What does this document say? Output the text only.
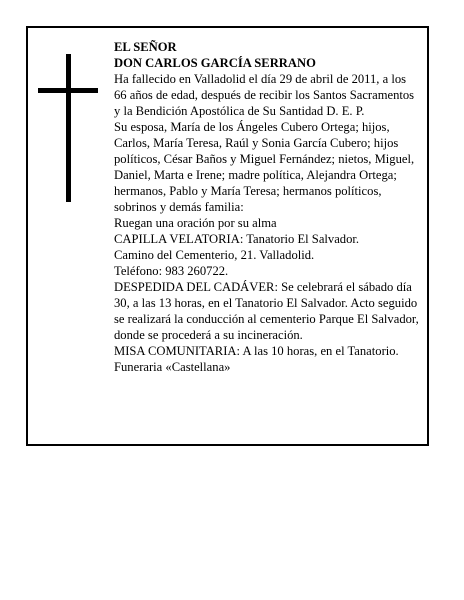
EL SEÑOR

DON CARLOS GARCÍA SERRANO

Ha fallecido en Valladolid el día 29 de abril de 2011, a los 66 años de edad, después de recibir los Santos Sacramentos y la Bendición Apostólica de Su Santidad D. E. P.

Su esposa, María de los Ángeles Cubero Ortega; hijos, Carlos, María Teresa, Raúl y Sonia García Cubero; hijos políticos, César Baños y Miguel Fernández; nietos, Miguel, Daniel, Marta e Irene; madre política, Alejandra Ortega; hermanos, Pablo y María Teresa; hermanos políticos, sobrinos y demás familia:

Ruegan una oración por su alma

CAPILLA VELATORIA: Tanatorio El Salvador.

Camino del Cementerio, 21. Valladolid.

Teléfono: 983 260722.

DESPEDIDA DEL CADÁVER: Se celebrará el sábado día 30, a las 13 horas, en el Tanatorio El Salvador. Acto seguido se realizará la conducción al cementerio Parque El Salvador, donde se procederá a su incineración.

MISA COMUNITARIA: A las 10 horas, en el Tanatorio.

Funeraria «Castellana»
